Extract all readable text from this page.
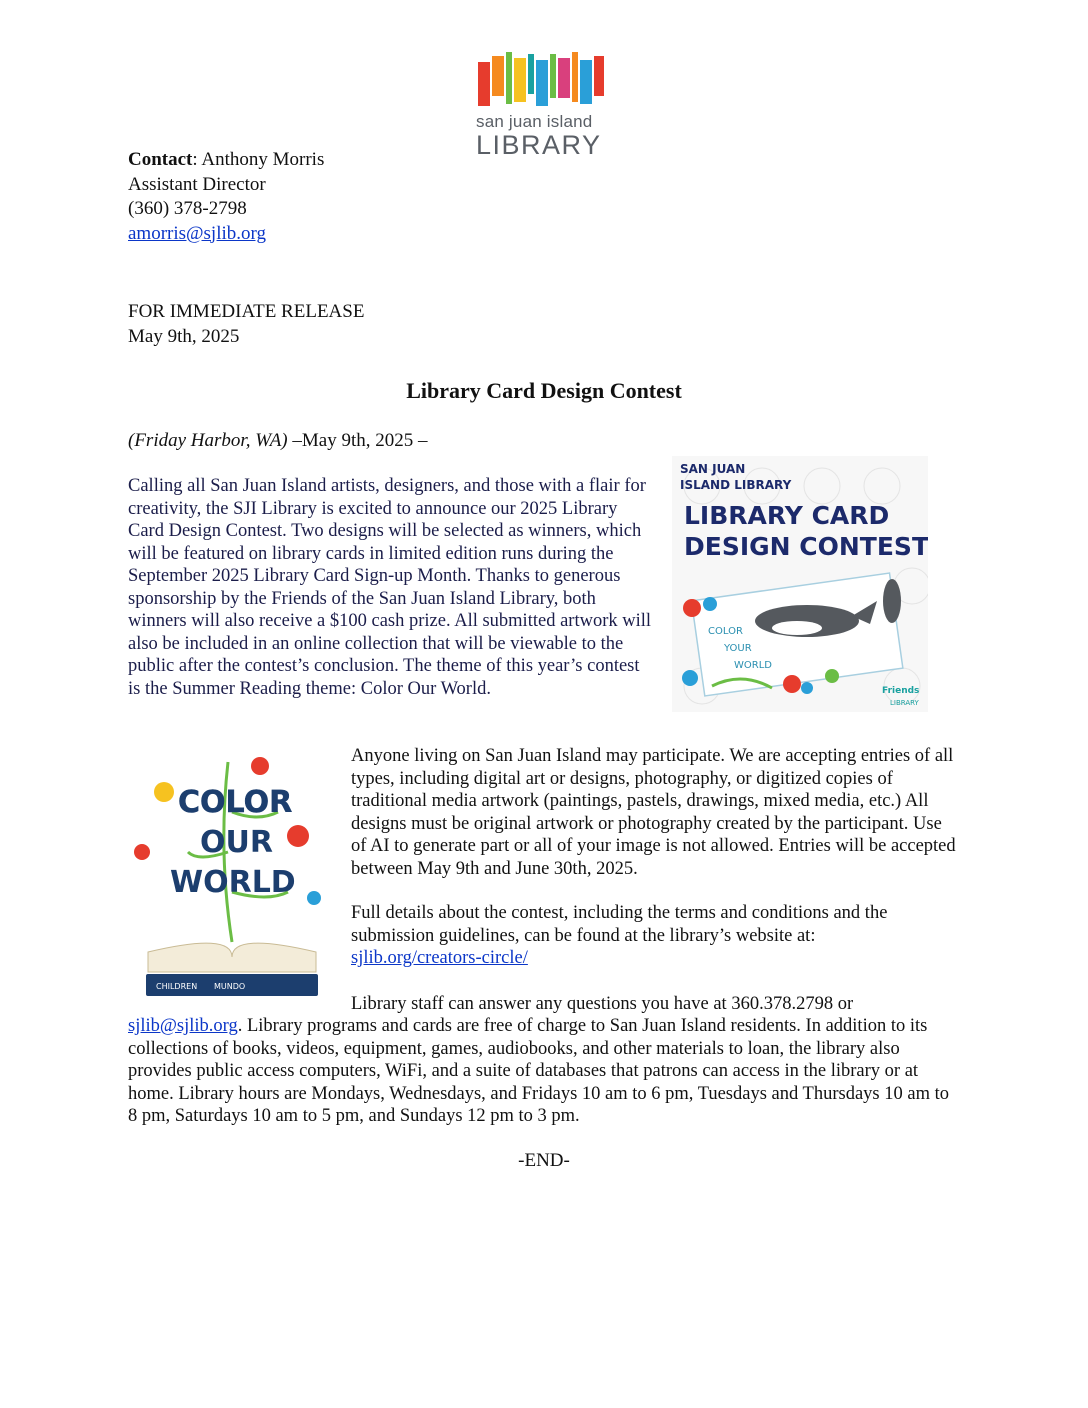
san juan island
LIBRARY
Contact: Anthony Morris
Assistant Director
(360) 378-2798
amorris@sjlib.org
FOR IMMEDIATE RELEASE
May 9th, 2025
Library Card Design Contest
(Friday Harbor, WA) –May 9th, 2025 –
Calling all San Juan Island artists, designers, and those with a flair for creativity, the SJI Library is excited to announce our 2025 Library Card Design Contest. Two designs will be selected as winners, which will be featured on library cards in limited edition runs during the September 2025 Library Card Sign-up Month. Thanks to generous sponsorship by the Friends of the San Juan Island Library, both winners will also receive a $100 cash prize. All submitted artwork will also be included in an online collection that will be viewable to the public after the contest’s conclusion. The theme of this year’s contest is the Summer Reading theme: Color Our World.
SAN JUAN
ISLAND LIBRARY
LIBRARY CARD
DESIGN CONTEST
COLOR
YOUR
WORLD
Friends
LIBRARY
COLOR
OUR
WORLD
CHILDREN MUNDO
Anyone living on San Juan Island may participate. We are accepting entries of all types, including digital art or designs, photography, or digitized copies of traditional media artwork (paintings, pastels, drawings, mixed media, etc.) All designs must be original artwork or photography created by the participant. Use of AI to generate part or all of your image is not allowed. Entries will be accepted between May 9th and June 30th, 2025.
Full details about the contest, including the terms and conditions and the submission guidelines, can be found at the library’s website at:
sjlib.org/creators-circle/
Library staff can answer any questions you have at 360.378.2798 or
sjlib@sjlib.org. Library programs and cards are free of charge to San Juan Island residents. In addition to its collections of books, videos, equipment, games, audiobooks, and other materials to loan, the library also provides public access computers, WiFi, and a suite of databases that patrons can access in the library or at home. Library hours are Mondays, Wednesdays, and Fridays 10 am to 6 pm, Tuesdays and Thursdays 10 am to 8 pm, Saturdays 10 am to 5 pm, and Sundays 12 pm to 3 pm.
-END-
